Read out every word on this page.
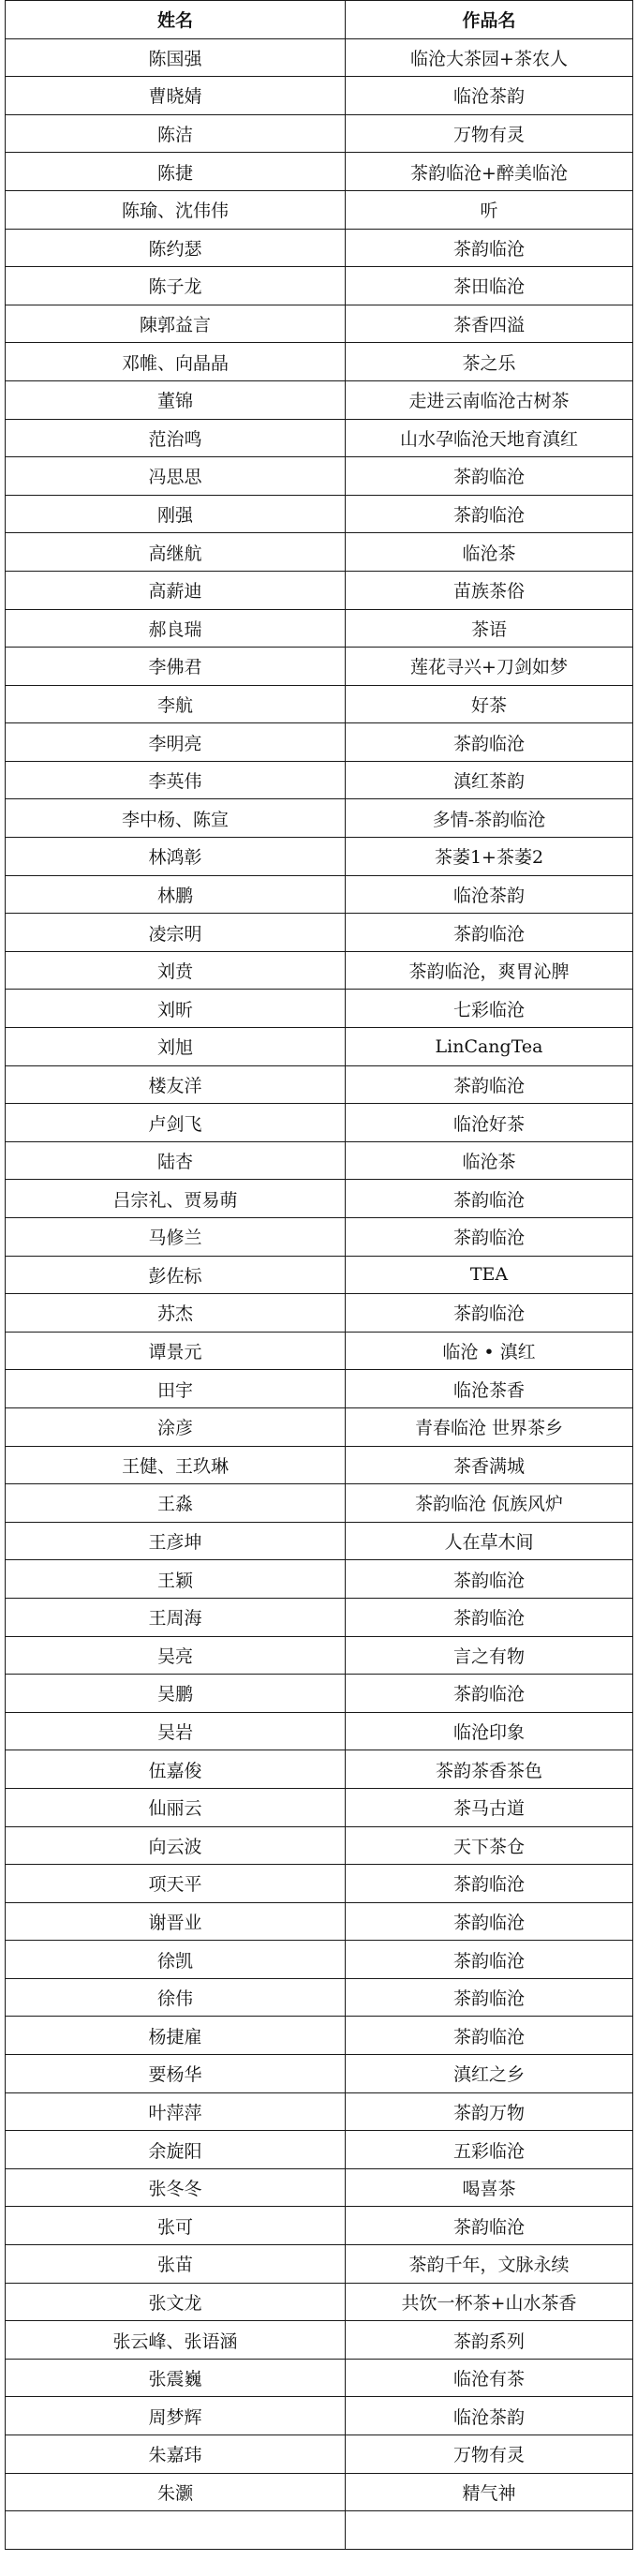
姓名	作品名
陈国强	临沧大茶园+茶农人
曹晓婧	临沧茶韵
陈洁	万物有灵
陈捷	茶韵临沧+醉美临沧
陈瑜、沈伟伟	听
陈约瑟	茶韵临沧
陈子龙	茶田临沧
陳郭益言	茶香四溢
邓帷、向晶晶	茶之乐
董锦	走进云南临沧古树茶
范治鸣	山水孕临沧天地育滇红
冯思思	茶韵临沧
刚强	茶韵临沧
高继航	临沧茶
高薪迪	苗族茶俗
郝良瑞	茶语
李佛君	莲花寻兴+刀剑如梦
李航	好茶
李明亮	茶韵临沧
李英伟	滇红茶韵
李中杨、陈宣	多情-茶韵临沧
林鸿彰	茶萎1+茶萎2
林鹏	临沧茶韵
凌宗明	茶韵临沧
刘贲	茶韵临沧，爽胃沁脾
刘昕	七彩临沧
刘旭	LinCangTea
楼友洋	茶韵临沧
卢剑飞	临沧好茶
陆杏	临沧茶
吕宗礼、贾易萌	茶韵临沧
马修兰	茶韵临沧
彭佐标	TEA
苏杰	茶韵临沧
谭景元	临沧 • 滇红
田宇	临沧茶香
涂彦	青春临沧 世界茶乡
王健、王玖琳	茶香满城
王淼	茶韵临沧 佤族风炉
王彦坤	人在草木间
王颖	茶韵临沧
王周海	茶韵临沧
吴亮	言之有物
吴鹏	茶韵临沧
吴岩	临沧印象
伍嘉俊	茶韵茶香茶色
仙丽云	茶马古道
向云波	天下茶仓
项天平	茶韵临沧
谢晋业	茶韵临沧
徐凯	茶韵临沧
徐伟	茶韵临沧
杨捷雇	茶韵临沧
要杨华	滇红之乡
叶萍萍	茶韵万物
余旋阳	五彩临沧
张冬冬	喝喜茶
张可	茶韵临沧
张苗	茶韵千年，文脉永续
张文龙	共饮一杯茶+山水茶香
张云峰、张语涵	茶韵系列
张震巍	临沧有茶
周梦辉	临沧茶韵
朱嘉玮	万物有灵
朱灏	精气神
